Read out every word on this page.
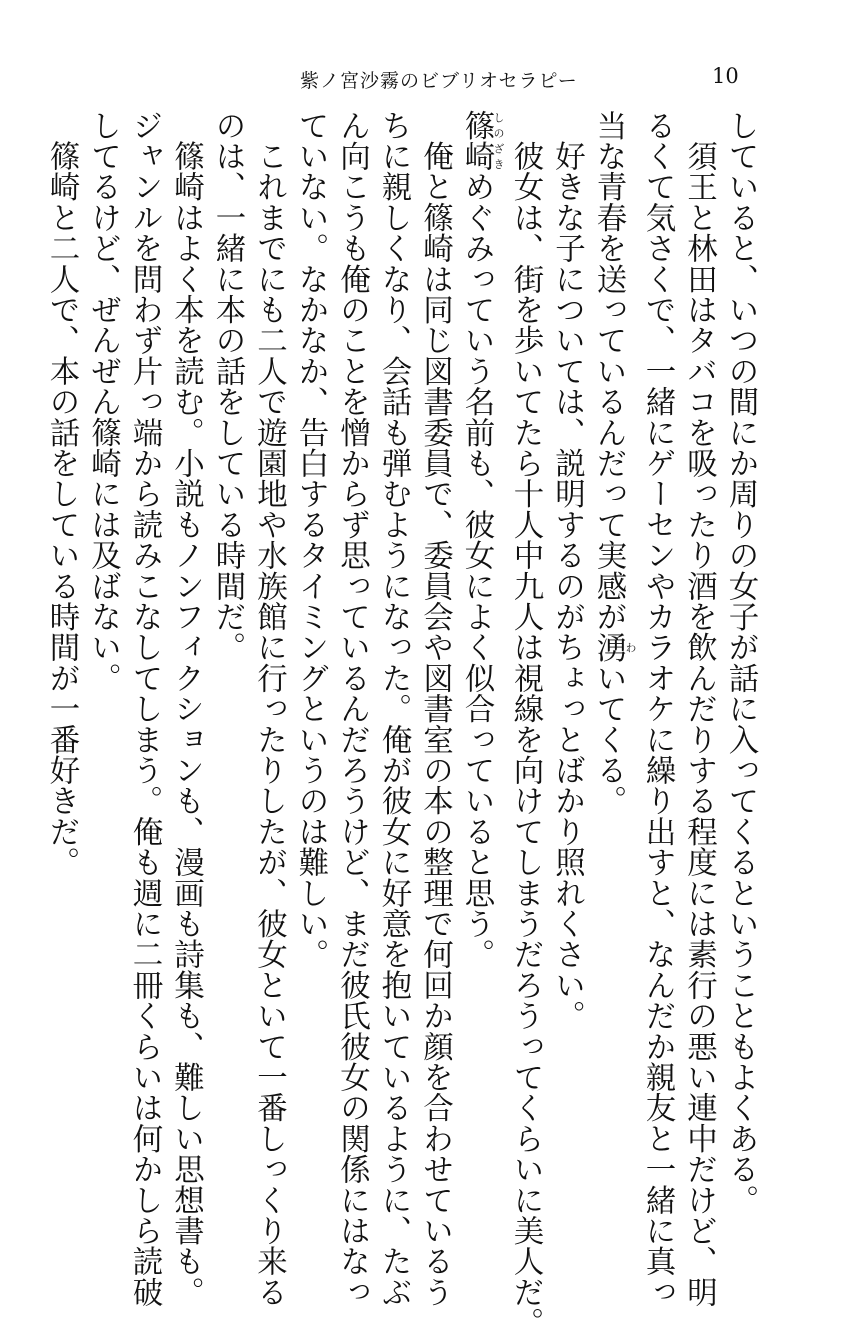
紫ノ宮沙霧のビブリオセラピー	10
していると、いつの間にか周りの女子が話に入ってくるということもよくある。
　須王と林田はタバコを吸ったり酒を飲んだりする程度には素行の悪い連中だけど、明
るくて気さくで、一緒にゲーセンやカラオケに繰り出すと、なんだか親友と一緒に真っ
当な青春を送っているんだって実感が湧わいてくる。
　好きな子については、説明するのがちょっとばかり照れくさい。
　彼女は、街を歩いてたら十人中九人は視線を向けてしまうだろうってくらいに美人だ。
篠崎しのざきめぐみっていう名前も、彼女によく似合っていると思う。
　俺と篠崎は同じ図書委員で、委員会や図書室の本の整理で何回か顔を合わせているう
ちに親しくなり、会話も弾むようになった。俺が彼女に好意を抱いているように、たぶ
ん向こうも俺のことを憎からず思っているんだろうけど、まだ彼氏彼女の関係にはなっ
ていない。なかなか、告白するタイミングというのは難しい。
　これまでにも二人で遊園地や水族館に行ったりしたが、彼女といて一番しっくり来る
のは、一緒に本の話をしている時間だ。
　篠崎はよく本を読む。小説もノンフィクションも、漫画も詩集も、難しい思想書も。
ジャンルを問わず片っ端から読みこなしてしまう。俺も週に二冊くらいは何かしら読破
してるけど、ぜんぜん篠崎には及ばない。
　篠崎と二人で、本の話をしている時間が一番好きだ。
